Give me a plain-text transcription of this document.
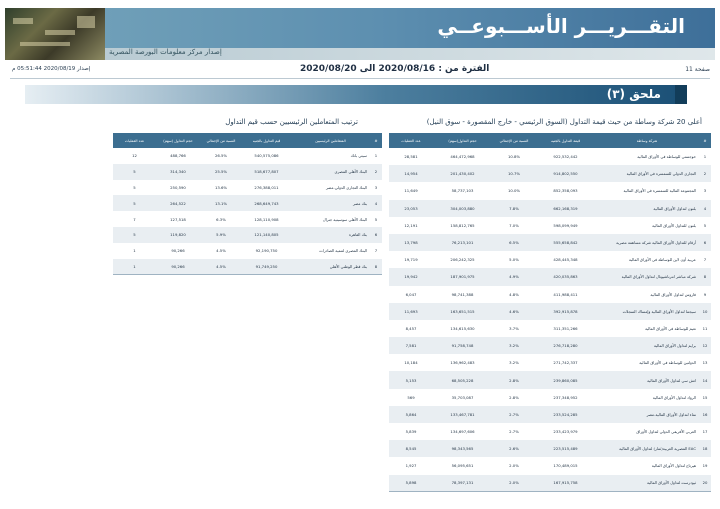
التقـــريـــر الأســـبوعــي
إصدار مركز معلومات البورصة المصرية
إصدار 2020/08/19 05:51:44 م	الفترة من : 2020/08/16 الى 2020/08/20	صفحة 11
ملحق (٣)
أعلى 20 شركة وساطة من حيث قيمة التداول (السوق الرئيسي - خارج المقصورة - سوق النيل)
#	شركة وساطة	قيمة التداول بالجنيه	النسبة من الإجمالي	حجم التداول(سهم)	عدد العمليات
1	خوجستي للوساطة في الأوراق المالية	922,532,442	10.8%	464,472,968	28,581
2	التجاري الدولي للسمسرة في الأوراق المالية	914,802,550	10.7%	201,430,402	14,954
3	المجموعة المالية للسمسرة في الأوراق المالية	852,358,093	10.0%	58,737,103	11,649
4	بلتون لتداول الأوراق المالية	662,168,319	7.8%	304,003,880	23,053
5	بلتون للتداول الأوراق المالية	598,099,949	7.0%	158,812,765	12,191
6	أرقام للتداول الأوراق المالية شركة مساهمة مصرية	555,658,842	6.5%	76,213,101	13,798
7	عربية أون لاين للوساطة في الأوراق المالية	428,445,348	5.0%	206,242,325	19,719
8	شركة مباشر انترناشيونال لتداول الأوراق المالية	420,035,863	4.9%	187,901,975	19,942
9	فاروس لتداول الأوراق المالية	411,988,411	4.8%	98,741,388	6,047
10	سيجما لتداول الأوراق المالية وإمساك السجلات	392,915,878	4.6%	163,651,515	11,693
11	نعيم للوساطة في الأوراق المالية	311,351,266	3.7%	134,615,630	8,457
12	برايم لتداول الأوراق المالية	276,718,280	3.2%	91,758,748	7,581
13	الدولتين للوساطة في الأوراق المالية	271,742,337	3.2%	136,962,483	10,184
14	اتش سي لتداول الأوراق المالية	239,860,085	2.8%	68,505,228	5,153
15	الرواد لتداول الأوراق المالية	237,348,952	2.8%	35,703,087	569
16	نماء لتداول الأوراق المالية-مصر	233,524,285	2.7%	133,467,781	5,864
17	العربي الأفريقي الدولي لتداول الأوراق	233,423,979	2.7%	134,697,606	5,839
18	EAC المصرية العربية(ثمار) لتداول الأوراق المالية	223,515,489	2.6%	98,343,565	8,545
19	هيرتاج لتداول الأوراق المالية	170,489,015	2.0%	56,095,651	1,927
20	ثيودرست لتداول الأوراق المالية	167,915,758	2.0%	78,397,131	5,898
ترتيب المتعاملين الرئيسيين حسب قيم التداول
#	المتعاملين الرئيسيين	قيم التداول بالجنيه	النسبة من الإجمالي	حجم التداول (سهم)	عدد العمليات
1	سيتي بانك	540,575,086	26.5%	488,766	12
2	البنك الأهلي المصري	518,677,807	25.5%	314,340	5
3	البنك التجاري الدولي-مصر	276,388,011	13.6%	250,590	5
4	بنك مصر	268,649,743	13.1%	264,522	5
5	البنك الأهلي سوسيتيه جنرال	128,110,908	6.3%	127,518	7
6	بنك القاهرة	121,140,805	5.9%	119,820	5
7	البنك المصري لتنمية الصادرات	92,190,750	4.5%	90,266	1
8	بنك قطر الوطني الأهلي	91,749,250	4.5%	90,266	1
